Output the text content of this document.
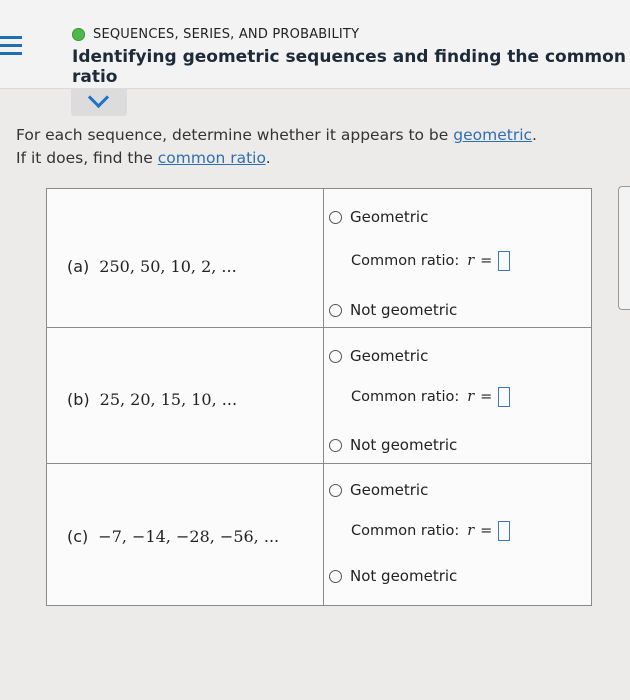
SEQUENCES, SERIES, AND PROBABILITY
Identifying geometric sequences and finding the common ratio
For each sequence, determine whether it appears to be geometric.
If it does, find the common ratio.
(a) 250, 50, 10, 2, ...
Geometric
Common ratio: r =
Not geometric
(b) 25, 20, 15, 10, ...
Geometric
Common ratio: r =
Not geometric
(c) −7, −14, −28, −56, ...
Geometric
Common ratio: r =
Not geometric
